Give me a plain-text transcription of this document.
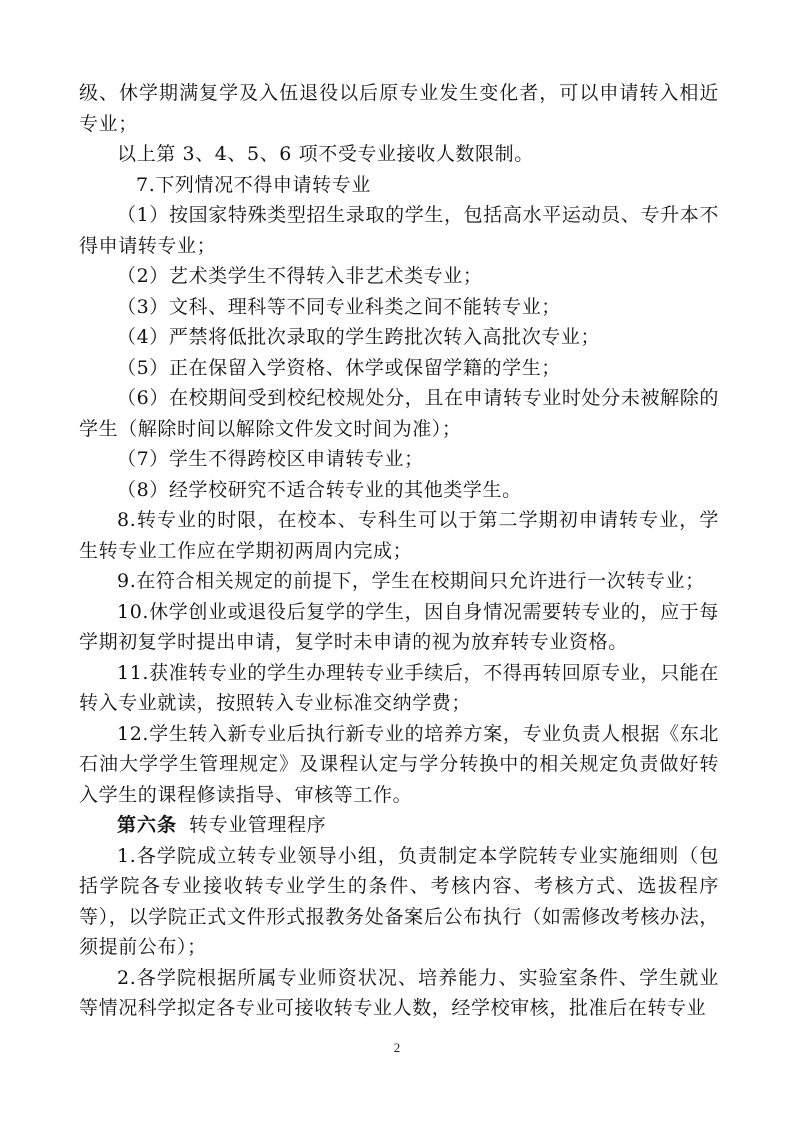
级、休学期满复学及入伍退役以后原专业发生变化者，可以申请转入相近专业；

以上第 3、4、5、6 项不受专业接收人数限制。

7.下列情况不得申请转专业

（1）按国家特殊类型招生录取的学生，包括高水平运动员、专升本不得申请转专业；

（2）艺术类学生不得转入非艺术类专业；

（3）文科、理科等不同专业科类之间不能转专业；

（4）严禁将低批次录取的学生跨批次转入高批次专业；

（5）正在保留入学资格、休学或保留学籍的学生；

（6）在校期间受到校纪校规处分，且在申请转专业时处分未被解除的学生（解除时间以解除文件发文时间为准）；

（7）学生不得跨校区申请转专业；

（8）经学校研究不适合转专业的其他类学生。

8.转专业的时限，在校本、专科生可以于第二学期初申请转专业，学生转专业工作应在学期初两周内完成；

9.在符合相关规定的前提下，学生在校期间只允许进行一次转专业；

10.休学创业或退役后复学的学生，因自身情况需要转专业的，应于每学期初复学时提出申请，复学时未申请的视为放弃转专业资格。

11.获准转专业的学生办理转专业手续后，不得再转回原专业，只能在转入专业就读，按照转入专业标准交纳学费；

12.学生转入新专业后执行新专业的培养方案，专业负责人根据《东北石油大学学生管理规定》及课程认定与学分转换中的相关规定负责做好转入学生的课程修读指导、审核等工作。

第六条 转专业管理程序

1.各学院成立转专业领导小组，负责制定本学院转专业实施细则（包括学院各专业接收转专业学生的条件、考核内容、考核方式、选拔程序等），以学院正式文件形式报教务处备案后公布执行（如需修改考核办法，须提前公布）；

2.各学院根据所属专业师资状况、培养能力、实验室条件、学生就业等情况科学拟定各专业可接收转专业人数，经学校审核，批准后在转专业

2
